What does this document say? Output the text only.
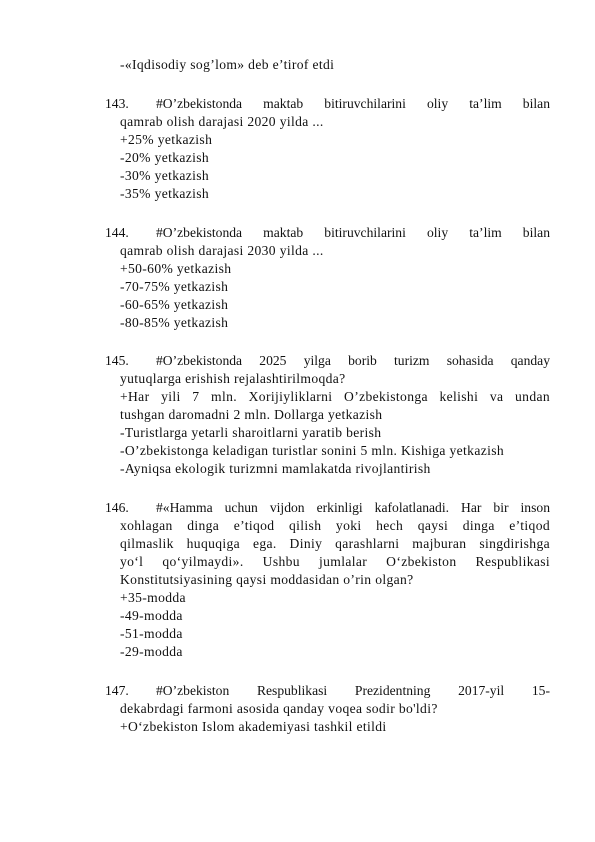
-«Iqdisodiy sog’lom» deb e’tirof etdi
143. #O’zbekistonda maktab bitiruvchilarini oliy ta’lim bilan
qamrab olish darajasi 2020 yilda ...
+25% yetkazish
-20% yetkazish
-30% yetkazish
-35% yetkazish
144. #O’zbekistonda maktab bitiruvchilarini oliy ta’lim bilan
qamrab olish darajasi 2030 yilda ...
+50-60% yetkazish
-70-75% yetkazish
-60-65% yetkazish
-80-85% yetkazish
145. #O’zbekistonda 2025 yilga borib turizm sohasida qanday
yutuqlarga erishish rejalashtirilmoqda?
+Har yili 7 mln. Xorijiyliklarni O’zbekistonga kelishi va undan
tushgan daromadni 2 mln. Dollarga yetkazish
-Turistlarga yetarli sharoitlarni yaratib berish
-O’zbekistonga keladigan turistlar sonini 5 mln. Kishiga yetkazish
-Ayniqsa ekologik turizmni mamlakatda rivojlantirish
146. #«Hamma uchun vijdon erkinligi kafolatlanadi. Har bir inson
xohlagan dinga e’tiqod qilish yoki hech qaysi dinga e’tiqod
qilmaslik huquqiga ega. Diniy qarashlarni majburan singdirishga
yo‘l qo‘yilmaydi». Ushbu jumlalar O‘zbekiston Respublikasi
Konstitutsiyasining qaysi moddasidan o’rin olgan?
+35-modda
-49-modda
-51-modda
-29-modda
147. #O’zbekiston Respublikasi Prezidentning 2017-yil 15-
dekabrdagi farmoni asosida qanday voqea sodir bo'ldi?
+O‘zbekiston Islom akademiyasi tashkil etildi
